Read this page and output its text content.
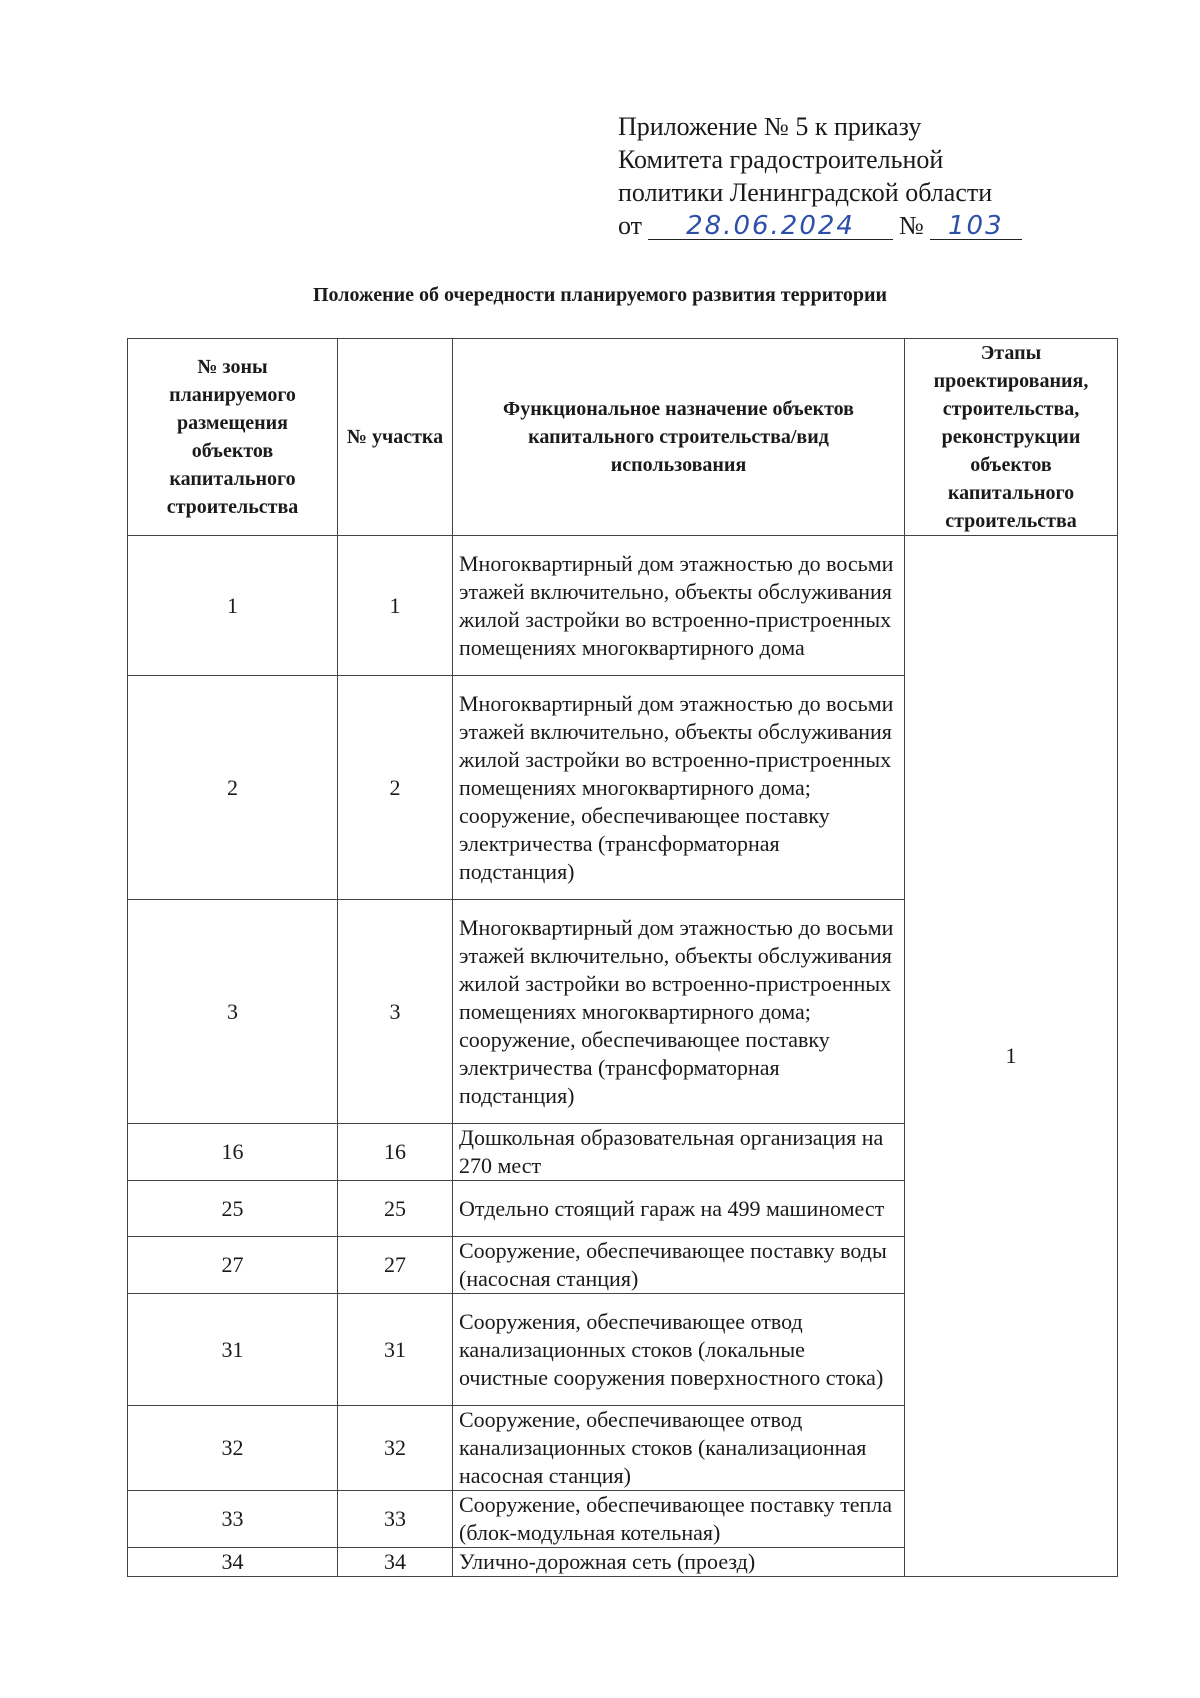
Приложение № 5 к приказу
Комитета градостроительной
политики Ленинградской области
от 28.06.2024 № 103
Положение об очередности планируемого развития территории
№ зоны планируемого размещения объектов капитального строительства	№ участка	Функциональное назначение объектов капитального строительства/вид использования	Этапы проектирования, строительства, реконструкции объектов капитального строительства
1	1	Многоквартирный дом этажностью до восьми этажей включительно, объекты обслуживания жилой застройки во встроенно-пристроенных помещениях многоквартирного дома	1
2	2	Многоквартирный дом этажностью до восьми этажей включительно, объекты обслуживания жилой застройки во встроенно-пристроенных помещениях многоквартирного дома;
сооружение, обеспечивающее поставку электричества (трансформаторная подстанция)	
3	3	Многоквартирный дом этажностью до восьми этажей включительно, объекты обслуживания жилой застройки во встроенно-пристроенных помещениях многоквартирного дома;
сооружение, обеспечивающее поставку электричества (трансформаторная подстанция)	
16	16	Дошкольная образовательная организация на 270 мест	
25	25	Отдельно стоящий гараж на 499 машиномест	
27	27	Сооружение, обеспечивающее поставку воды (насосная станция)	
31	31	Сооружения, обеспечивающее отвод канализационных стоков (локальные очистные сооружения поверхностного стока)	
32	32	Сооружение, обеспечивающее отвод канализационных стоков (канализационная насосная станция)	
33	33	Сооружение, обеспечивающее поставку тепла (блок-модульная котельная)	
34	34	Улично-дорожная сеть (проезд)	
